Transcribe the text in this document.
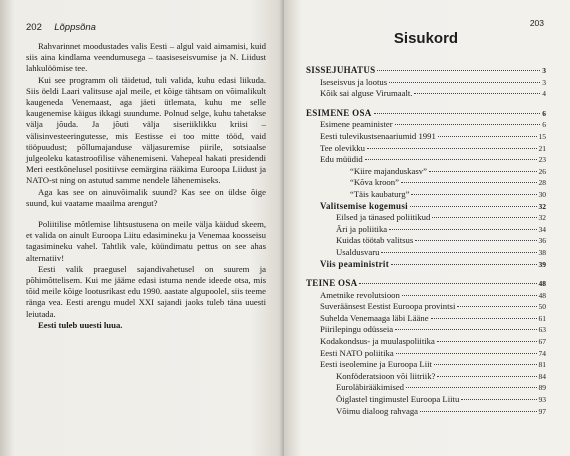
202 Lõppsõna

Rahvarinnet moodustades valis Eesti – algul vaid aimamisi, kuid siis aina kindlama veendumusega – taasiseseisvumise ja N. Liidust lahkulöömise tee.

Kui see programm oli täidetud, tuli valida, kuhu edasi liikuda. Siis öeldi Laari valitsuse ajal meile, et kõige tähtsam on võimalikult kaugeneda Venemaast, aga jäeti ütlemata, kuhu me selle kaugenemise käigus ikkagi suundume. Polnud selge, kuhu tahetakse välja jõuda. Ja jõuti välja siseriiklikku kriisi – välisinvesteeringutesse, mis Eestisse ei too mitte tööd, vaid tööpuudust; põllumajanduse väljasuremise piirile, sotsiaalse julgeoleku katastroofilise vähenemiseni. Vahepeal hakati presidendi Meri eestkõnelusel positiivse eemärgina rääkima Euroopa Liidust ja NATO-st ning on astutud samme nendele lähenemiseks.

Aga kas see on ainuvõimalik suund? Kas see on üldse õige suund, kui vaatame maailma arengut?

Poliitilise mõtlemise lihtsustusena on meile välja käidud skeem, et valida on ainult Euroopa Liitu edasimineku ja Venemaa koosseisu tagasimineku vahel. Tahtlik vale, küündimatu pettus on see ahas alternatiiv!

Eesti valik praegusel sajandivahetusel on suurem ja põhimõttelisem. Kui me jääme edasi istuma nende ideede otsa, mis tõid meile kõige lootusrikast edu 1990. aastate algupoolel, siis teeme ränga vea. Eesti arengu mudel XXI sajandi jaoks tuleb täna uuesti leiutada.

Eesti tuleb uuesti luua.

203
Sisukord
SISSEJUHATUS	3
Iseseisvus ja lootus	3
Kõik sai alguse Virumaalt.	4
ESIMENE OSA	6
Esimene peaminister	6
Eesti tulevikustsenaariumid 1991	15
Tee olevikku	21
Edu müüdid	23
“Kiire majanduskasv”	26
“Kõva kroon”	28
“Täis kaubaturg”	30
Valitsemise kogemusi	32
Eilsed ja tänased poliitikud	32
Äri ja poliitika	34
Kuidas töötab valitsus	36
Usaldusvaru	38
Viis peaministrit	39
TEINE OSA	48
Ametnike revolutsioon	48
Suveräänsest Eestist Euroopa provintsi	50
Suhelda Venemaaga läbi Lääne	61
Piirilepingu odüsseia	63
Kodakondsus- ja muulaspoliitika	67
Eesti NATO poliitika	74
Eesti iseolemine ja Euroopa Liit	81
Konföderatsioon või liitriik?	84
Euroläbirääkimised	89
Õiglastel tingimustel Euroopa Liitu	93
Võimu dialoog rahvaga	97
